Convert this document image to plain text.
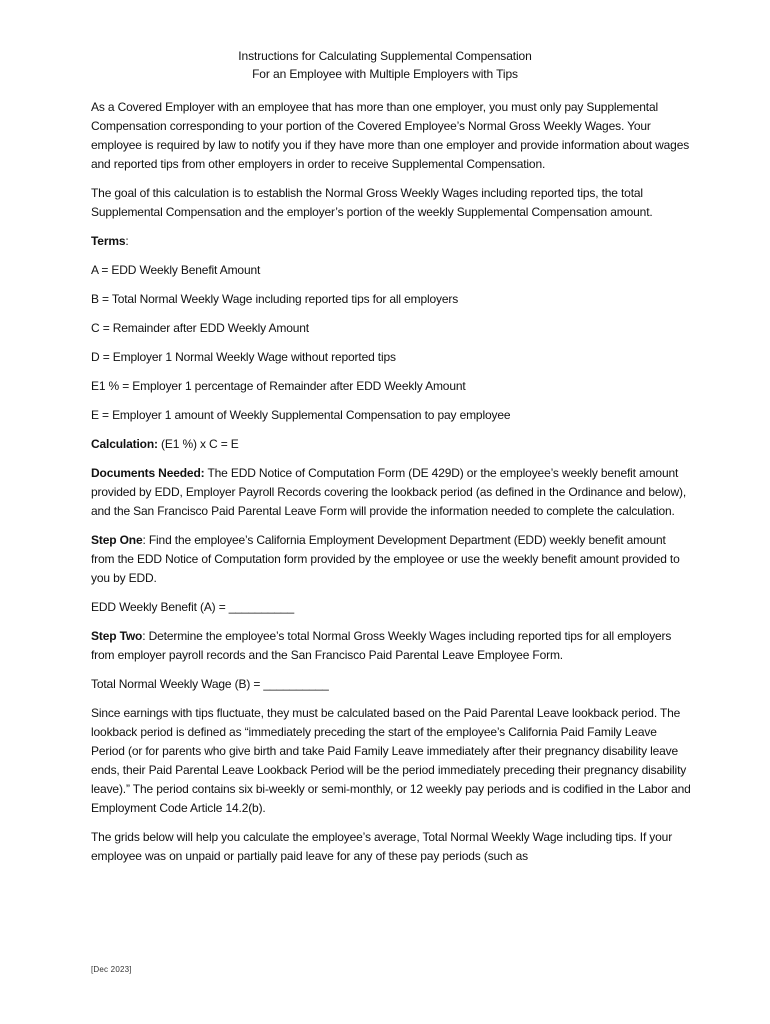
Instructions for Calculating Supplemental Compensation
For an Employee with Multiple Employers with Tips

As a Covered Employer with an employee that has more than one employer, you must only pay Supplemental Compensation corresponding to your portion of the Covered Employee’s Normal Gross Weekly Wages. Your employee is required by law to notify you if they have more than one employer and provide information about wages and reported tips from other employers in order to receive Supplemental Compensation.

The goal of this calculation is to establish the Normal Gross Weekly Wages including reported tips, the total Supplemental Compensation and the employer’s portion of the weekly Supplemental Compensation amount.

Terms:

A = EDD Weekly Benefit Amount

B = Total Normal Weekly Wage including reported tips for all employers

C = Remainder after EDD Weekly Amount

D = Employer 1 Normal Weekly Wage without reported tips

E1 % = Employer 1 percentage of Remainder after EDD Weekly Amount

E = Employer 1 amount of Weekly Supplemental Compensation to pay employee

Calculation: (E1 %) x C = E

Documents Needed: The EDD Notice of Computation Form (DE 429D) or the employee’s weekly benefit amount provided by EDD, Employer Payroll Records covering the lookback period (as defined in the Ordinance and below), and the San Francisco Paid Parental Leave Form will provide the information needed to complete the calculation.

Step One: Find the employee’s California Employment Development Department (EDD) weekly benefit amount from the EDD Notice of Computation form provided by the employee or use the weekly benefit amount provided to you by EDD.

EDD Weekly Benefit (A) = __________

Step Two: Determine the employee’s total Normal Gross Weekly Wages including reported tips for all employers from employer payroll records and the San Francisco Paid Parental Leave Employee Form.

Total Normal Weekly Wage (B) = __________

Since earnings with tips fluctuate, they must be calculated based on the Paid Parental Leave lookback period. The lookback period is defined as “immediately preceding the start of the employee’s California Paid Family Leave Period (or for parents who give birth and take Paid Family Leave immediately after their pregnancy disability leave ends, their Paid Parental Leave Lookback Period will be the period immediately preceding their pregnancy disability leave).” The period contains six bi-weekly or semi-monthly, or 12 weekly pay periods and is codified in the Labor and Employment Code Article 14.2(b).

The grids below will help you calculate the employee’s average, Total Normal Weekly Wage including tips. If your employee was on unpaid or partially paid leave for any of these pay periods (such as

[Dec 2023]
